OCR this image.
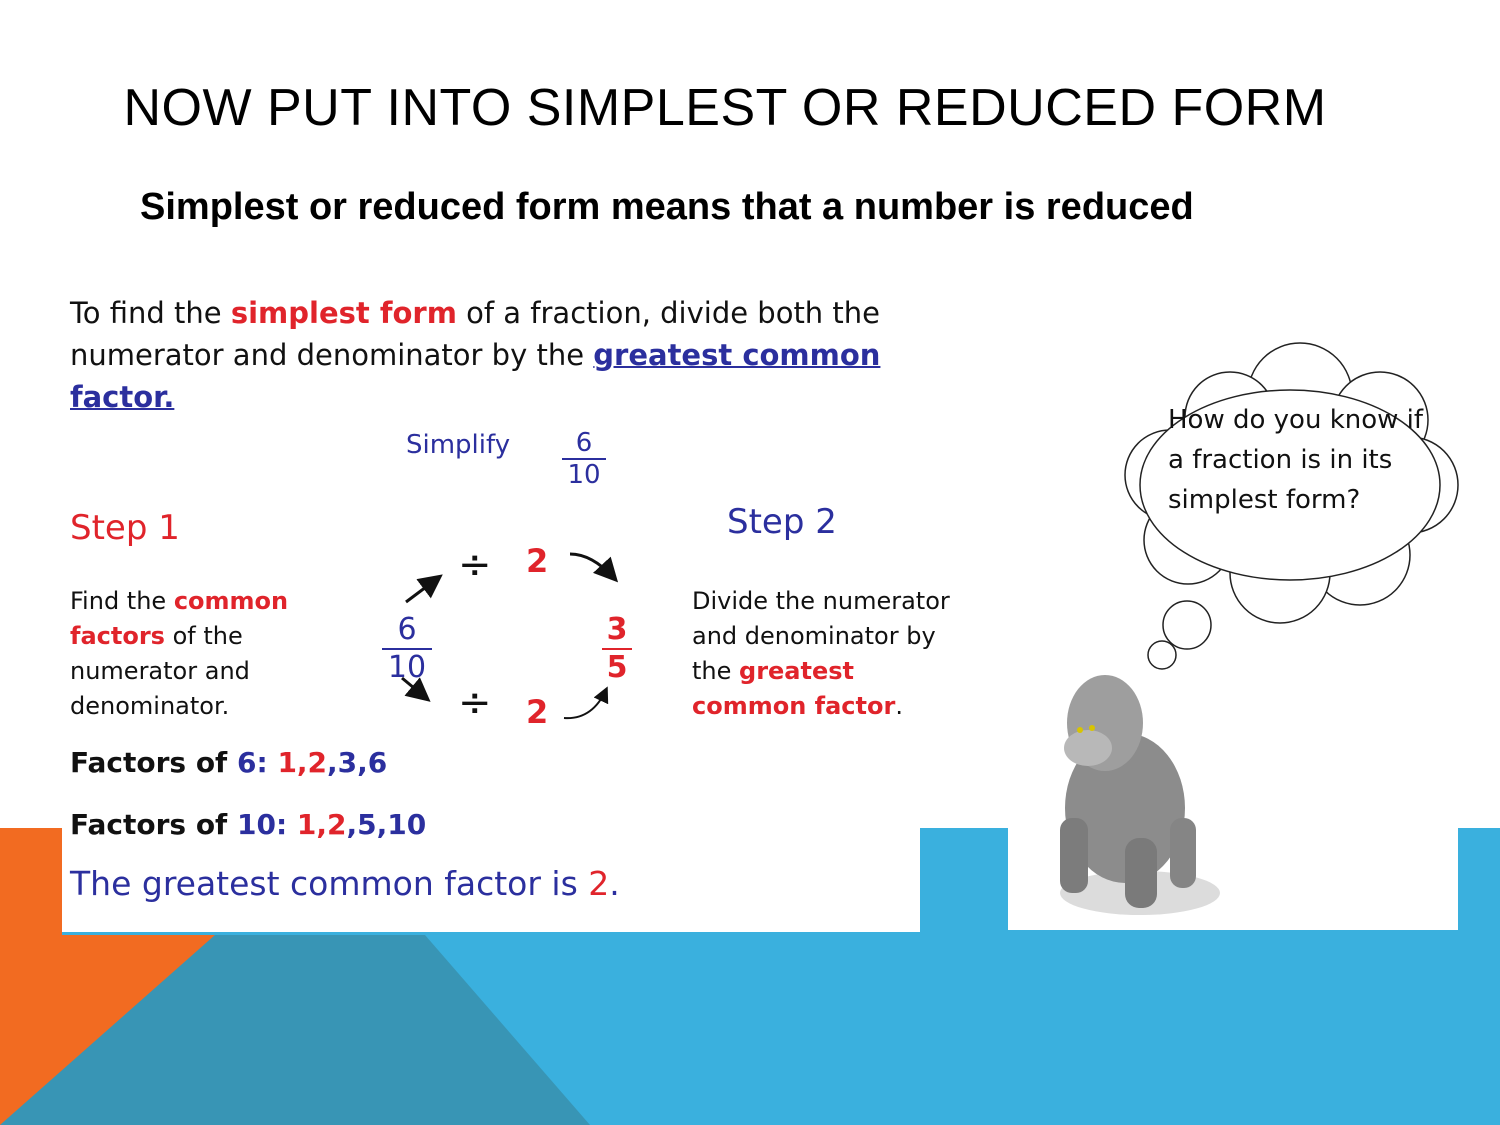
NOW PUT INTO SIMPLEST OR REDUCED FORM
Simplest or reduced form means that a number is reduced
To find the simplest form of a fraction, divide both the numerator and denominator by the greatest common factor.
Simplify $\frac{6}{10}$
Step 1	Step 2
Find the common factors of the numerator and denominator.
Divide the numerator and denominator by the greatest common factor.
$\frac{6}{10}$	$\frac{3}{5}$
÷ 2
÷ 2
Factors of 6: 1,2,3,6
Factors of 10: 1,2,5,10
The greatest common factor is 2.
How do you know if a fraction is in its simplest form?
